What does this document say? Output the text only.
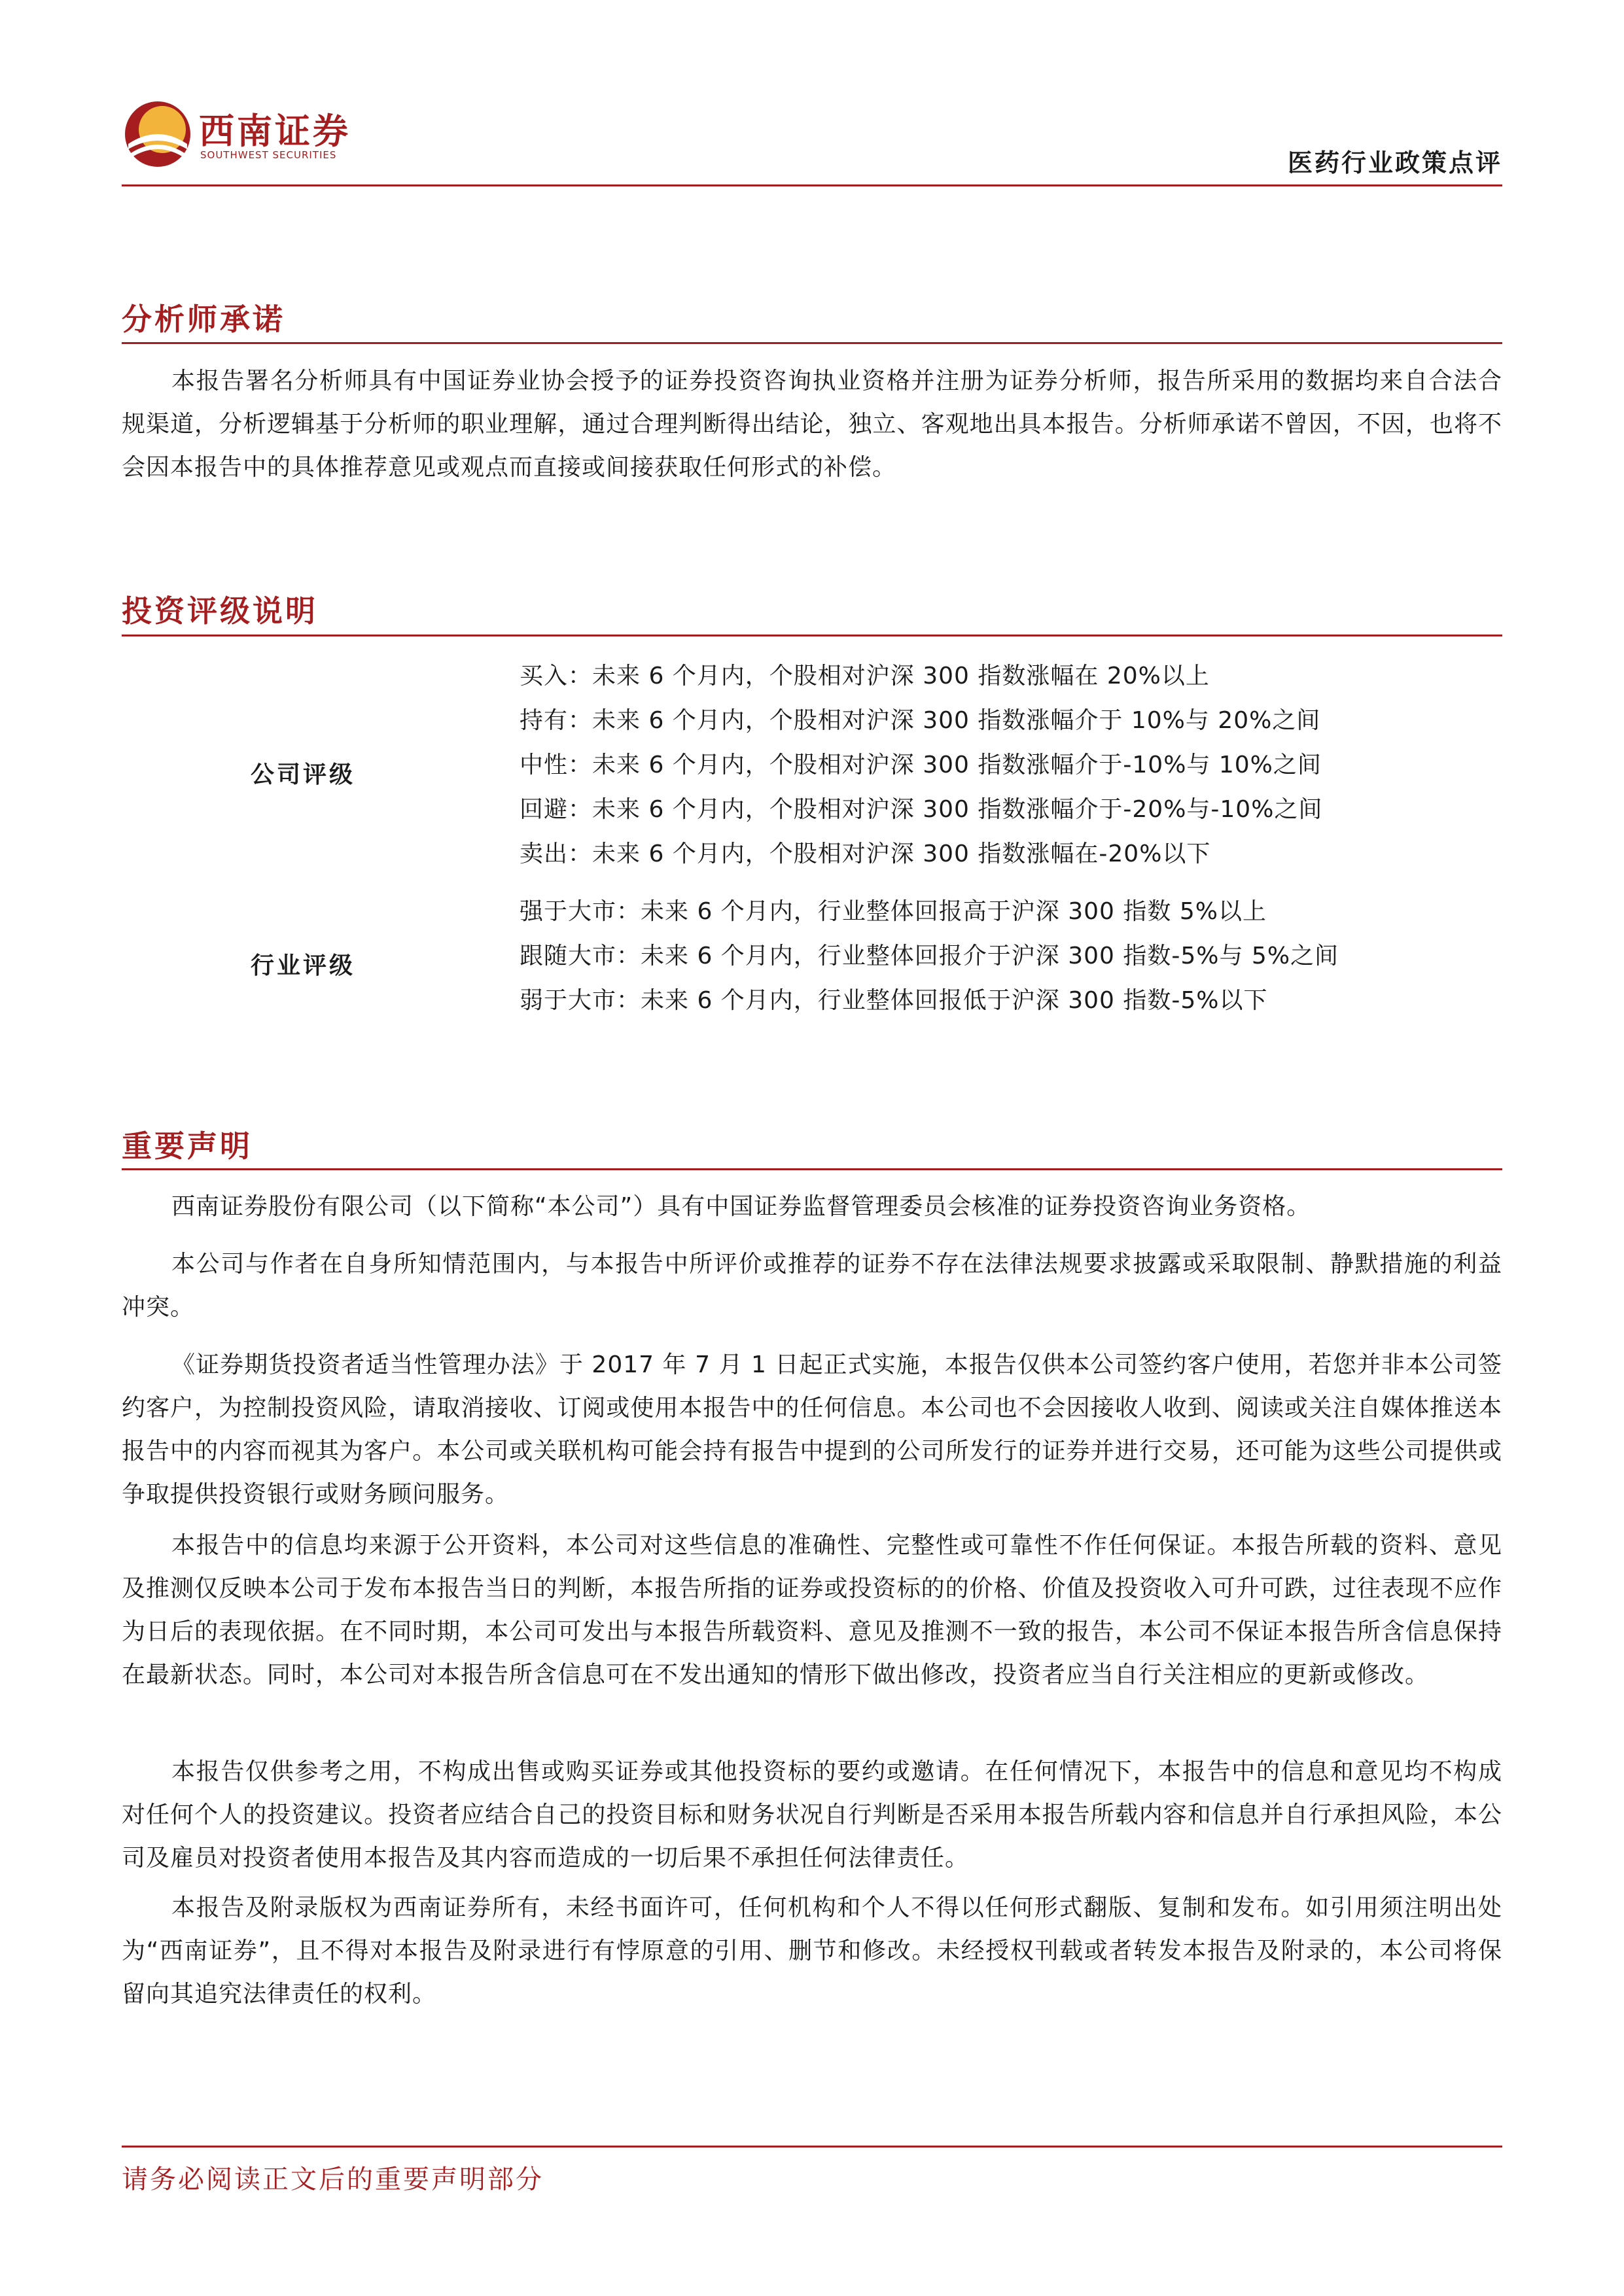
西南证券
SOUTHWEST SECURITIES	医药行业政策点评
分析师承诺

本报告署名分析师具有中国证券业协会授予的证券投资咨询执业资格并注册为证券分析师，报告所采用的数据均来自合法合规渠道，分析逻辑基于分析师的职业理解，通过合理判断得出结论，独立、客观地出具本报告。分析师承诺不曾因，不因，也将不会因本报告中的具体推荐意见或观点而直接或间接获取任何形式的补偿。

投资评级说明
公司评级
买入：未来 6 个月内，个股相对沪深 300 指数涨幅在 20%以上
持有：未来 6 个月内，个股相对沪深 300 指数涨幅介于 10%与 20%之间
中性：未来 6 个月内，个股相对沪深 300 指数涨幅介于-10%与 10%之间
回避：未来 6 个月内，个股相对沪深 300 指数涨幅介于-20%与-10%之间
卖出：未来 6 个月内，个股相对沪深 300 指数涨幅在-20%以下
行业评级
强于大市：未来 6 个月内，行业整体回报高于沪深 300 指数 5%以上
跟随大市：未来 6 个月内，行业整体回报介于沪深 300 指数-5%与 5%之间
弱于大市：未来 6 个月内，行业整体回报低于沪深 300 指数-5%以下
重要声明

西南证券股份有限公司（以下简称“本公司”）具有中国证券监督管理委员会核准的证券投资咨询业务资格。

本公司与作者在自身所知情范围内，与本报告中所评价或推荐的证券不存在法律法规要求披露或采取限制、静默措施的利益冲突。

《证券期货投资者适当性管理办法》于 2017 年 7 月 1 日起正式实施，本报告仅供本公司签约客户使用，若您并非本公司签约客户，为控制投资风险，请取消接收、订阅或使用本报告中的任何信息。本公司也不会因接收人收到、阅读或关注自媒体推送本报告中的内容而视其为客户。本公司或关联机构可能会持有报告中提到的公司所发行的证券并进行交易，还可能为这些公司提供或争取提供投资银行或财务顾问服务。

本报告中的信息均来源于公开资料，本公司对这些信息的准确性、完整性或可靠性不作任何保证。本报告所载的资料、意见及推测仅反映本公司于发布本报告当日的判断，本报告所指的证券或投资标的的价格、价值及投资收入可升可跌，过往表现不应作为日后的表现依据。在不同时期，本公司可发出与本报告所载资料、意见及推测不一致的报告，本公司不保证本报告所含信息保持在最新状态。同时，本公司对本报告所含信息可在不发出通知的情形下做出修改，投资者应当自行关注相应的更新或修改。

本报告仅供参考之用，不构成出售或购买证券或其他投资标的要约或邀请。在任何情况下，本报告中的信息和意见均不构成对任何个人的投资建议。投资者应结合自己的投资目标和财务状况自行判断是否采用本报告所载内容和信息并自行承担风险，本公司及雇员对投资者使用本报告及其内容而造成的一切后果不承担任何法律责任。

本报告及附录版权为西南证券所有，未经书面许可，任何机构和个人不得以任何形式翻版、复制和发布。如引用须注明出处为“西南证券”，且不得对本报告及附录进行有悖原意的引用、删节和修改。未经授权刊载或者转发本报告及附录的，本公司将保留向其追究法律责任的权利。

请务必阅读正文后的重要声明部分
